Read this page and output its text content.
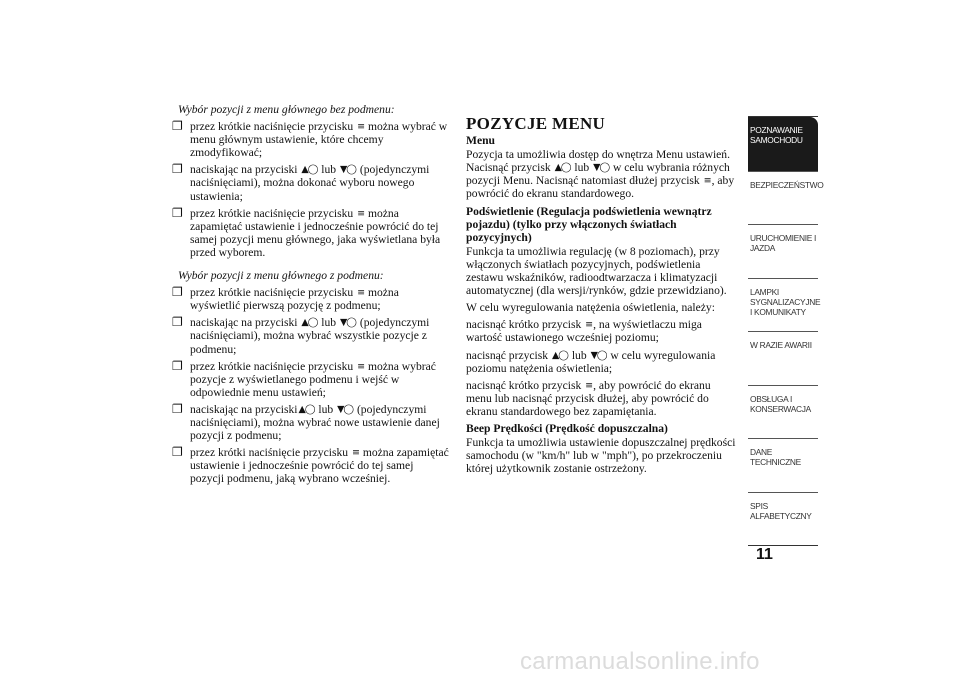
Wybór pozycji z menu głównego bez podmenu:
❐ przez krótkie naciśnięcie przycisku ≡ można wybrać w menu głównym ustawienie, które chcemy zmodyfikować;
❐ naciskając na przyciski ▲◯ lub ▼◯ (pojedynczymi naciśnięciami), można dokonać wyboru nowego ustawienia;
❐ przez krótkie naciśnięcie przycisku ≡ można zapamiętać ustawienie i jednocześnie powrócić do tej samej pozycji menu głównego, jaka wyświetlana była przed wyborem.
Wybór pozycji z menu głównego z podmenu:
❐ przez krótkie naciśnięcie przycisku ≡ można wyświetlić pierwszą pozycję z podmenu;
❐ naciskając na przyciski ▲◯ lub ▼◯ (pojedynczymi naciśnięciami), można wybrać wszystkie pozycje z podmenu;
❐ przez krótkie naciśnięcie przycisku ≡ można wybrać pozycje z wyświetlanego podmenu i wejść w odpowiednie menu ustawień;
❐ naciskając na przyciski▲◯ lub ▼◯ (pojedynczymi naciśnięciami), można wybrać nowe ustawienie danej pozycji z podmenu;
❐ przez krótki naciśnięcie przycisku ≡ można zapamiętać ustawienie i jednocześnie powrócić do tej samej pozycji podmenu, jaką wybrano wcześniej.
POZYCJE MENU
Menu

Pozycja ta umożliwia dostęp do wnętrza Menu ustawień. Nacisnąć przycisk ▲◯ lub ▼◯ w celu wybrania różnych pozycji Menu. Nacisnąć natomiast dłużej przycisk ≡, aby powrócić do ekranu standardowego.

Podświetlenie (Regulacja podświetlenia wewnątrz pojazdu) (tylko przy włączonych światłach pozycyjnych)

Funkcja ta umożliwia regulację (w 8 poziomach), przy włączonych światłach pozycyjnych, podświetlenia zestawu wskaźników, radioodtwarzacza i klimatyzacji automatycznej (dla wersji/rynków, gdzie przewidziano).

W celu wyregulowania natężenia oświetlenia, należy:

nacisnąć krótko przycisk ≡, na wyświetlaczu miga wartość ustawionego wcześniej poziomu;

nacisnąć przycisk ▲◯ lub ▼◯ w celu wyregulowania poziomu natężenia oświetlenia;

nacisnąć krótko przycisk ≡, aby powrócić do ekranu menu lub nacisnąć przycisk dłużej, aby powrócić do ekranu standardowego bez zapamiętania.

Beep Prędkości (Prędkość dopuszczalna)

Funkcja ta umożliwia ustawienie dopuszczalnej prędkości samochodu (w "km/h" lub w "mph"), po przekroczeniu której użytkownik zostanie ostrzeżony.

POZNAWANIE
SAMOCHODU
BEZPIECZEŃSTWO
URUCHOMIENIE I
JAZDA
LAMPKI
SYGNALIZACYJNE
I KOMUNIKATY
W RAZIE AWARII
OBSŁUGA I
KONSERWACJA
DANE
TECHNICZNE
SPIS
ALFABETYCZNY
11
carmanualsonline.info
